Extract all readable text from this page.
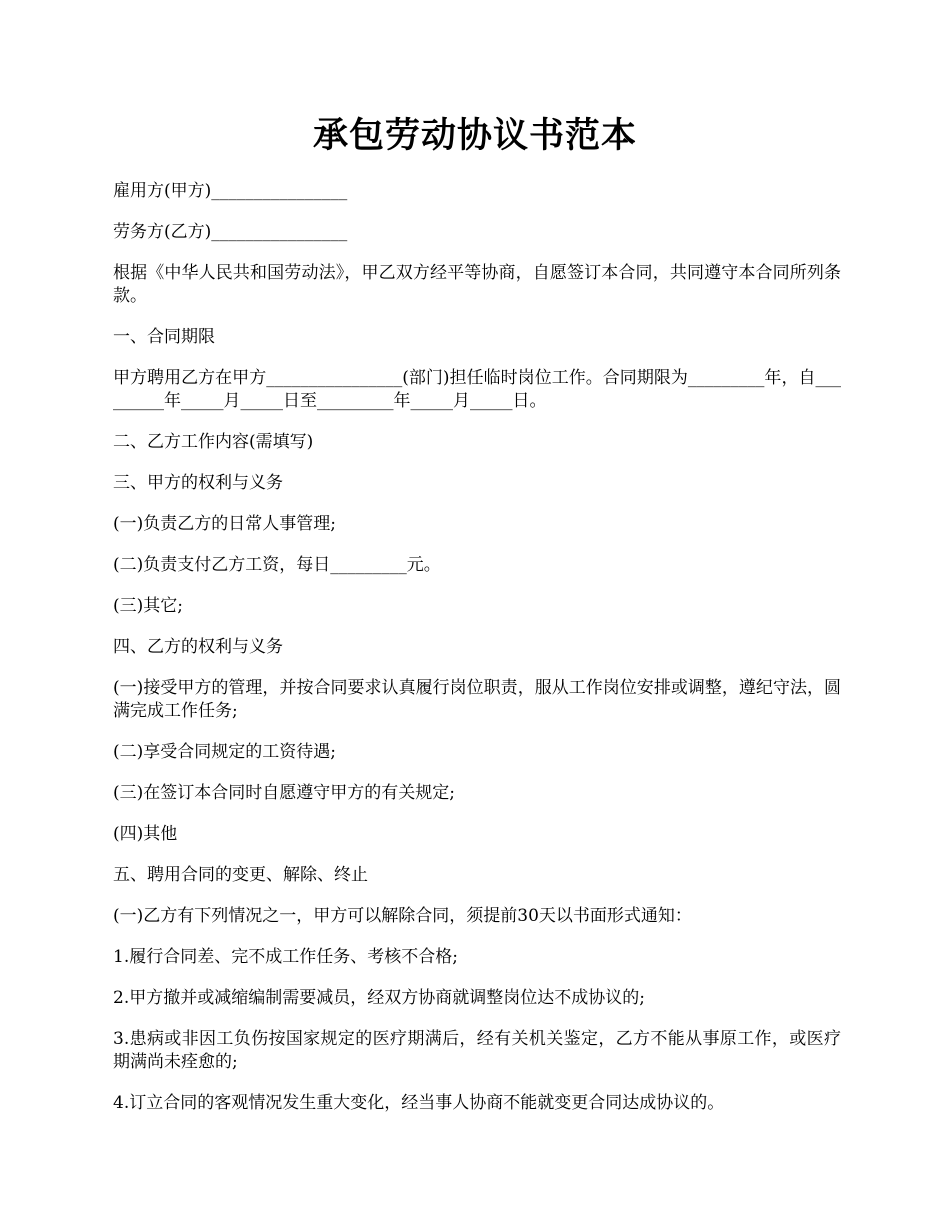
承包劳动协议书范本

雇用方(甲方)________________

劳务方(乙方)________________

根据《中华人民共和国劳动法》，甲乙双方经平等协商，自愿签订本合同，共同遵守本合同所列条款。

一、合同期限

甲方聘用乙方在甲方________________(部门)担任临时岗位工作。合同期限为_________年，自_________年_____月_____日至_________年_____月_____日。

二、乙方工作内容(需填写)

三、甲方的权利与义务

(一)负责乙方的日常人事管理;

(二)负责支付乙方工资，每日_________元。

(三)其它;

四、乙方的权利与义务

(一)接受甲方的管理，并按合同要求认真履行岗位职责，服从工作岗位安排或调整，遵纪守法，圆满完成工作任务;

(二)享受合同规定的工资待遇;

(三)在签订本合同时自愿遵守甲方的有关规定;

(四)其他

五、聘用合同的变更、解除、终止

(一)乙方有下列情况之一，甲方可以解除合同，须提前30天以书面形式通知：

1.履行合同差、完不成工作任务、考核不合格;

2.甲方撤并或减缩编制需要减员，经双方协商就调整岗位达不成协议的;

3.患病或非因工负伤按国家规定的医疗期满后，经有关机关鉴定，乙方不能从事原工作，或医疗期满尚未痊愈的;

4.订立合同的客观情况发生重大变化，经当事人协商不能就变更合同达成协议的。
